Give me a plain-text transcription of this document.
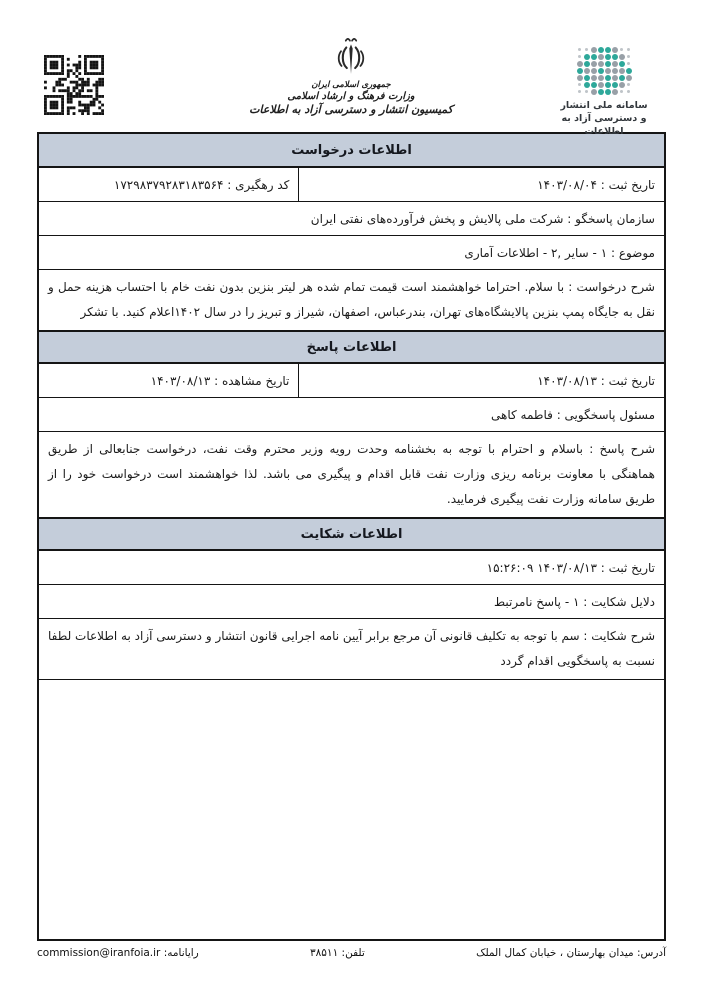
جمهوری اسلامی ایران
وزارت فرهنگ و ارشاد اسلامی
کمیسیون انتشار و دسترسی آزاد به اطلاعات	سامانه ملی انتشار
و دسترسی آزاد به اطلاعات
اطلاعات درخواست
تاریخ ثبت : ۱۴۰۳/۰۸/۰۴
کد رهگیری : ۱۷۲۹۸۳۷۹۲۸۳۱۸۳۵۶۴
سازمان پاسخگو : شرکت ملی پالایش و پخش فرآورده‌های نفتی ایران
موضوع : ۱ - سایر ,۲ - اطلاعات آماری
شرح درخواست : با سلام. احتراما خواهشمند است قیمت تمام شده هر لیتر بنزین بدون نفت خام با احتساب هزینه حمل و نقل به جایگاه پمپ بنزین پالایشگاه‌های تهران، بندرعباس، اصفهان، شیراز و تبریز را در سال ۱۴۰۲اعلام کنید. با تشکر
اطلاعات پاسخ
تاریخ ثبت : ۱۴۰۳/۰۸/۱۳
تاریخ مشاهده : ۱۴۰۳/۰۸/۱۳
مسئول پاسخگویی : فاطمه کاهی
شرح پاسخ : باسلام و احترام با توجه به بخشنامه وحدت رویه وزیر محترم وقت نفت، درخواست جنابعالی از طریق هماهنگی با معاونت برنامه ریزی وزارت نفت قابل اقدام و پیگیری می باشد. لذا خواهشمند است درخواست خود را از طریق سامانه وزارت نفت پیگیری فرمایید.
اطلاعات شکایت
تاریخ ثبت : ۱۴۰۳/۰۸/۱۳ ۱۵:۲۶:۰۹
دلایل شکایت : ۱ - پاسخ نامرتبط
شرح شکایت : سم با توجه به تکلیف قانونی آن مرجع برابر آیین نامه اجرایی قانون انتشار و دسترسی آزاد به اطلاعات لطفا نسبت به پاسخگویی اقدام گردد
آدرس: میدان بهارستان ، خیابان کمال الملک
تلفن: ۳۸۵۱۱
رایانامه: commission@iranfoia.ir
